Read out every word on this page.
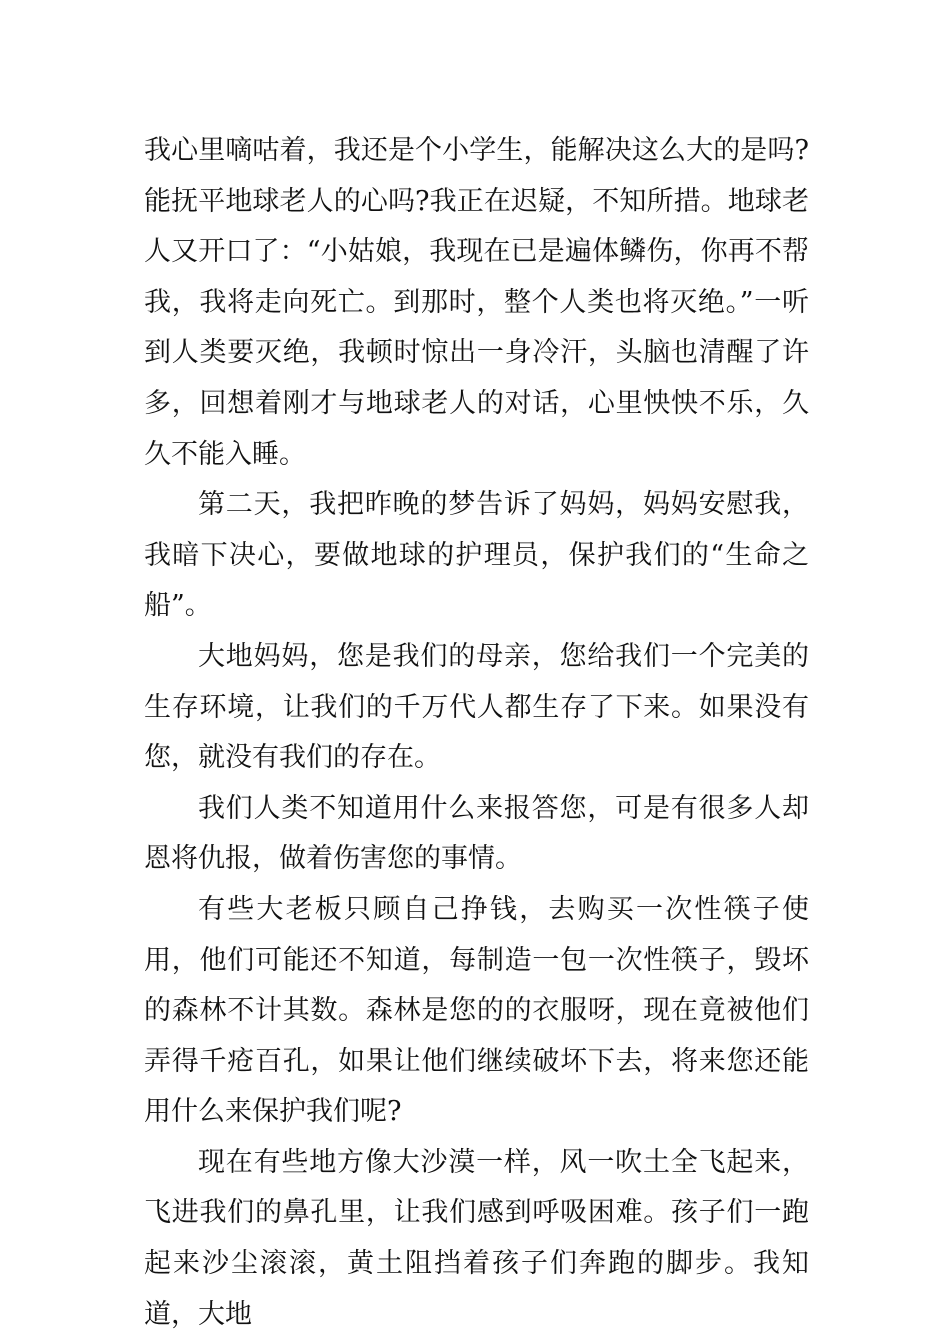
我心里嘀咕着，我还是个小学生，能解决这么大的是吗?能抚平地球老人的心吗?我正在迟疑，不知所措。地球老人又开口了：“小姑娘，我现在已是遍体鳞伤，你再不帮我，我将走向死亡。到那时，整个人类也将灭绝。”一听到人类要灭绝，我顿时惊出一身冷汗，头脑也清醒了许多，回想着刚才与地球老人的对话，心里怏怏不乐，久久不能入睡。

第二天，我把昨晚的梦告诉了妈妈，妈妈安慰我，我暗下决心，要做地球的护理员，保护我们的“生命之船”。

大地妈妈，您是我们的母亲，您给我们一个完美的生存环境，让我们的千万代人都生存了下来。如果没有您，就没有我们的存在。

我们人类不知道用什么来报答您，可是有很多人却恩将仇报，做着伤害您的事情。

有些大老板只顾自己挣钱，去购买一次性筷子使用，他们可能还不知道，每制造一包一次性筷子，毁坏的森林不计其数。森林是您的的衣服呀，现在竟被他们弄得千疮百孔，如果让他们继续破坏下去，将来您还能用什么来保护我们呢?

现在有些地方像大沙漠一样，风一吹土全飞起来，飞进我们的鼻孔里，让我们感到呼吸困难。孩子们一跑起来沙尘滚滚，黄土阻挡着孩子们奔跑的脚步。我知道，大地
